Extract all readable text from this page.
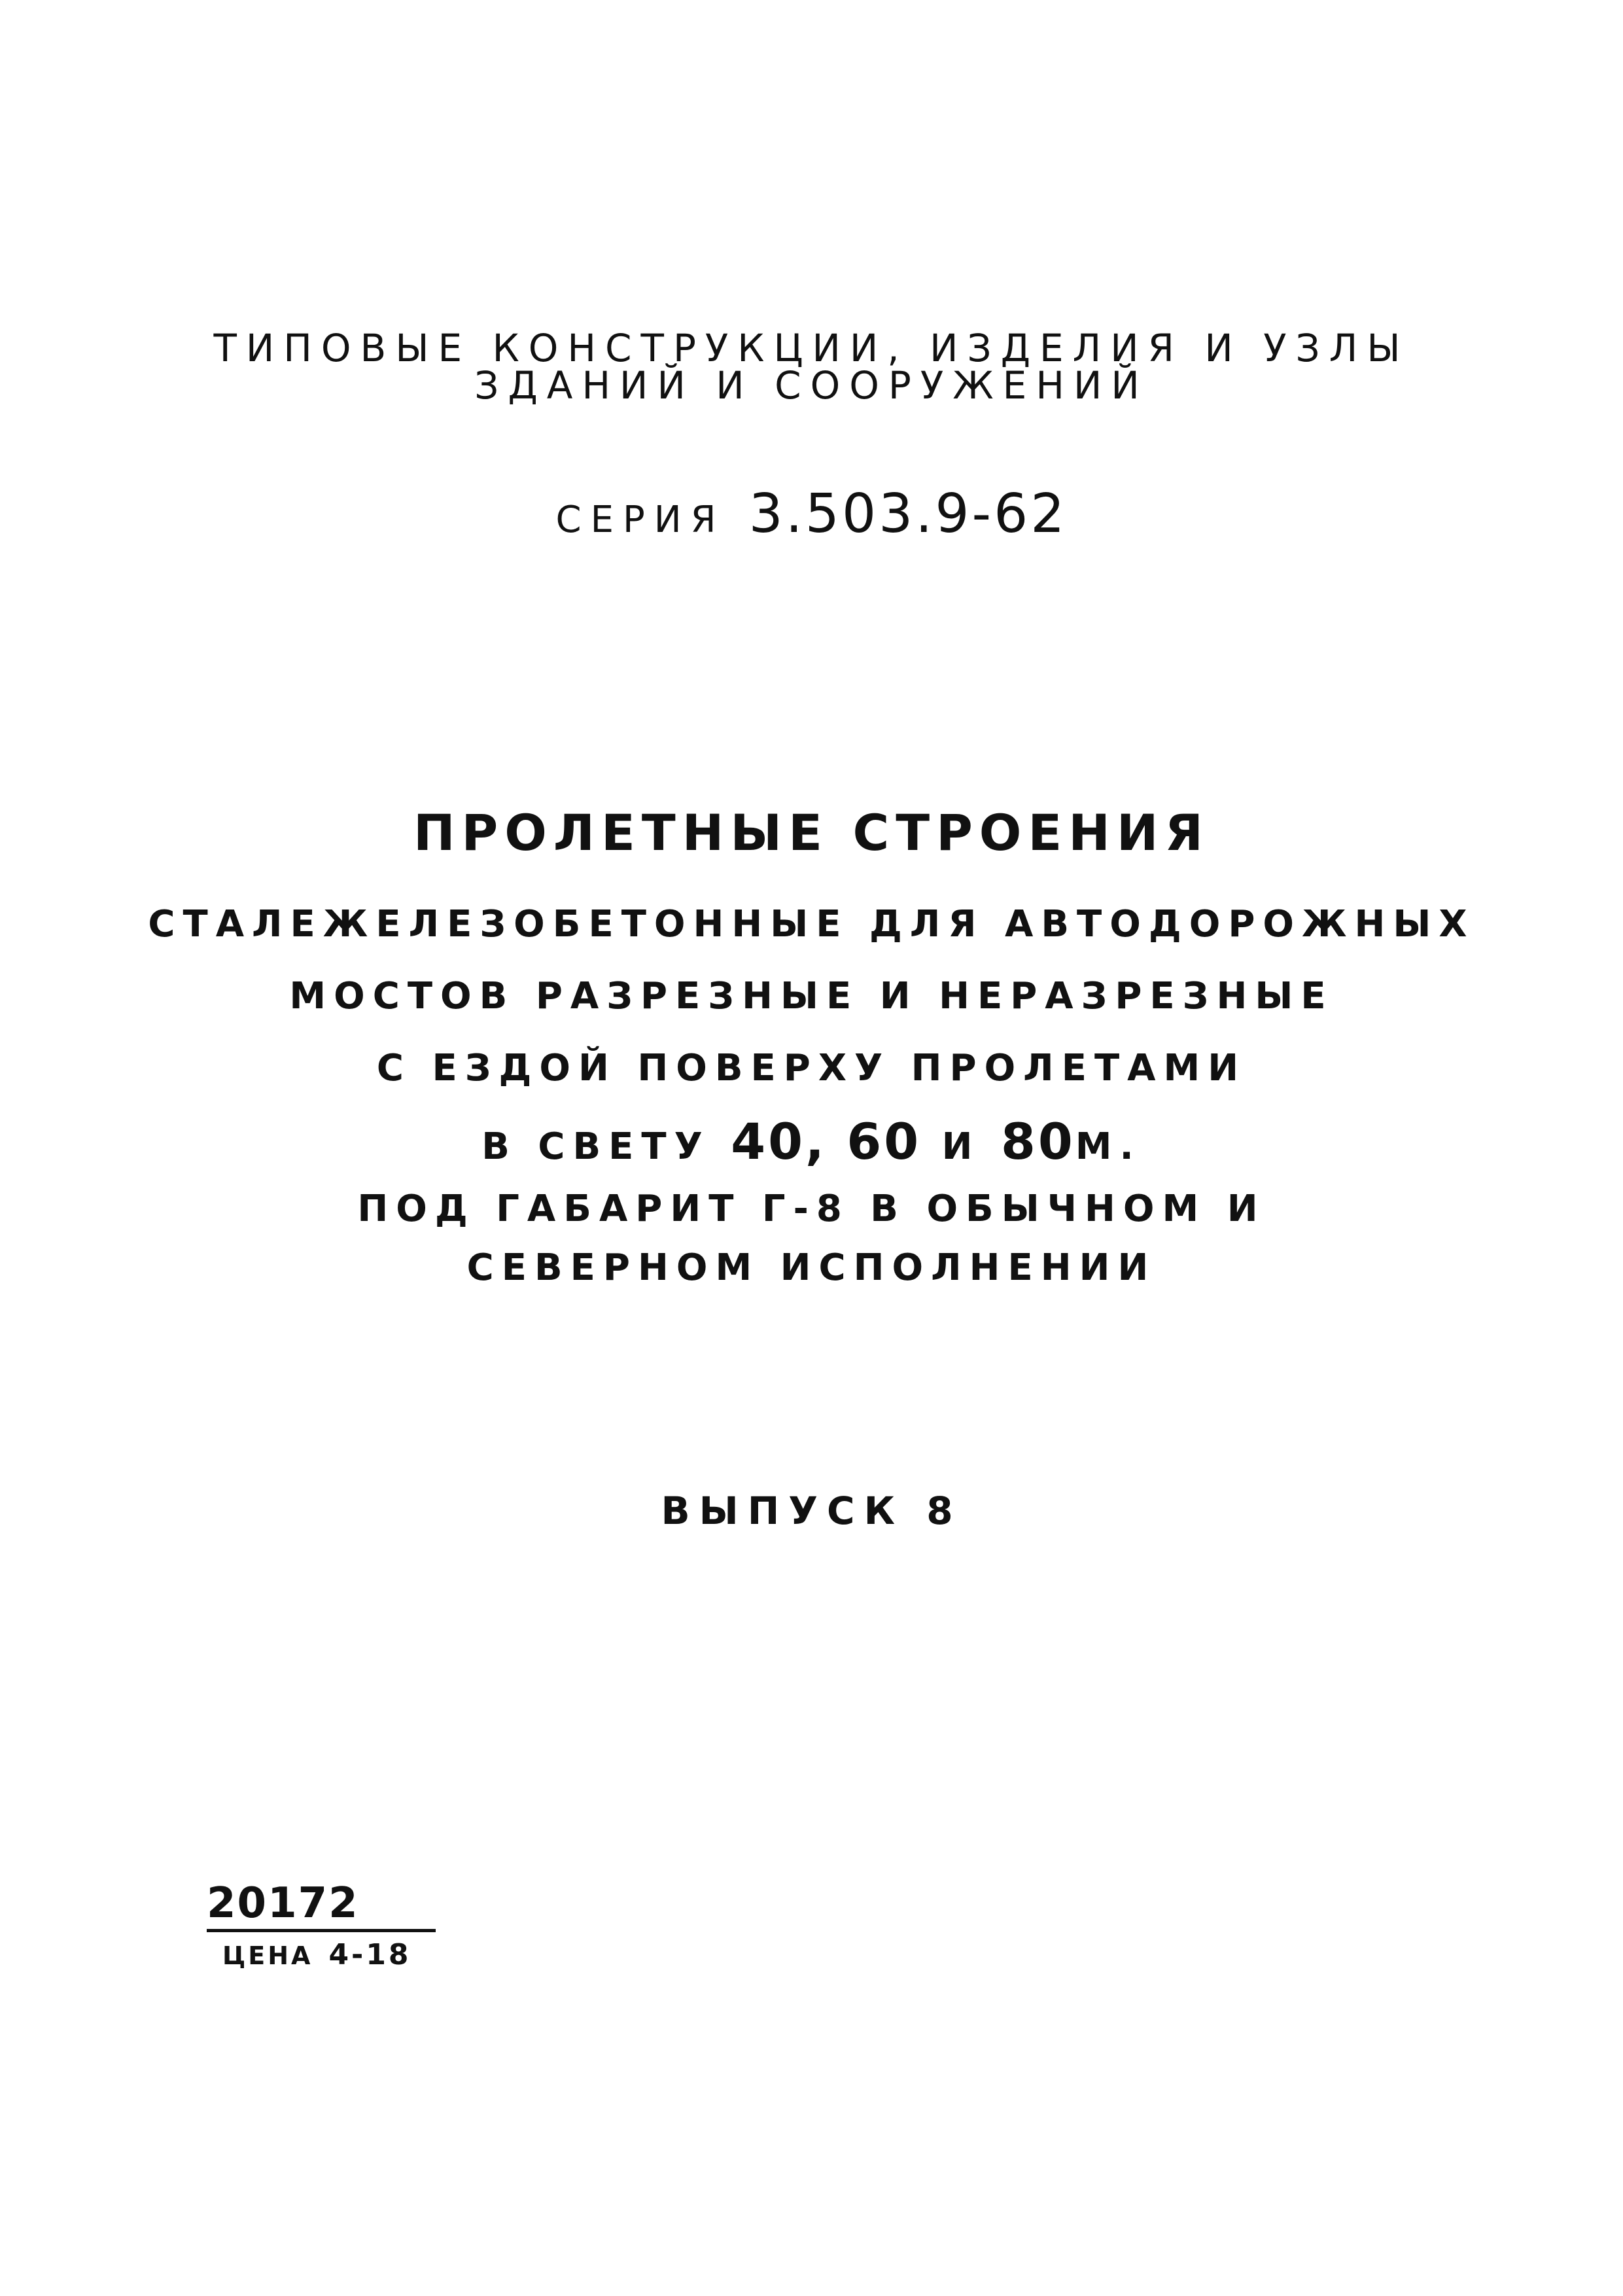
ТИПОВЫЕ КОНСТРУКЦИИ, ИЗДЕЛИЯ И УЗЛЫ
ЗДАНИЙ И СООРУЖЕНИЙ
СЕРИЯ 3.503.9-62
ПРОЛЕТНЫЕ СТРОЕНИЯ
СТАЛЕЖЕЛЕЗОБЕТОННЫЕ ДЛЯ АВТОДОРОЖНЫХ
МОСТОВ РАЗРЕЗНЫЕ И НЕРАЗРЕЗНЫЕ
С ЕЗДОЙ ПОВЕРХУ ПРОЛЕТАМИ
В СВЕТУ 40, 60 И 80М.
ПОД ГАБАРИТ Г-8 В ОБЫЧНОМ И
СЕВЕРНОМ ИСПОЛНЕНИИ
ВЫПУСК 8
20172
ЦЕНА 4-18
